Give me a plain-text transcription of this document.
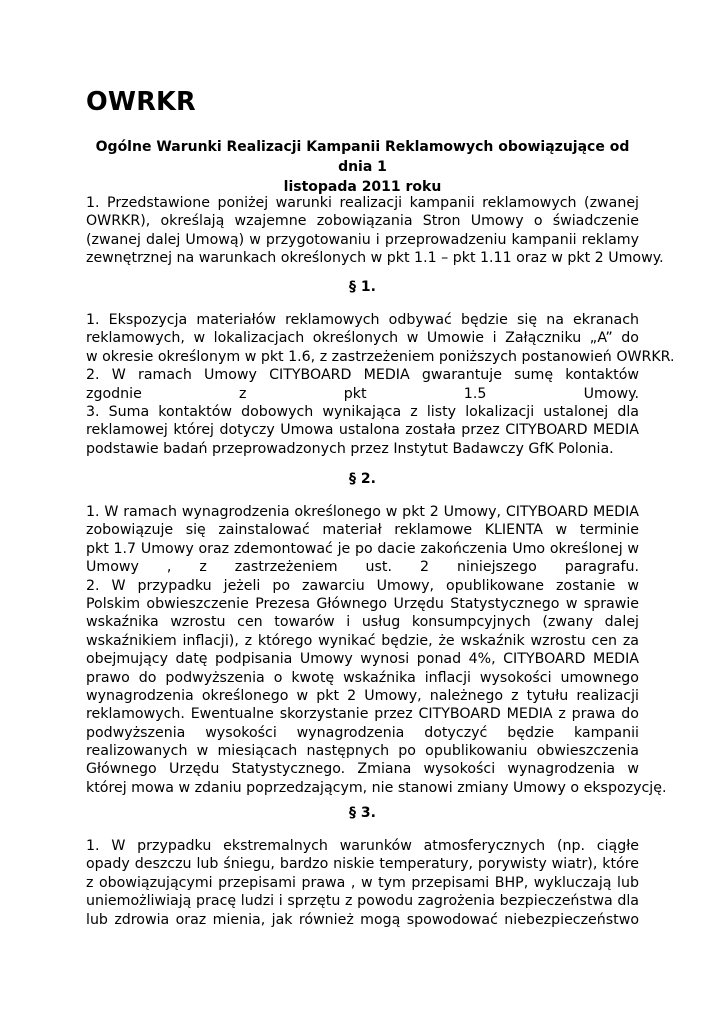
OWRKR

Ogólne Warunki Realizacji Kampanii Reklamowych obowiązujące od dnia 1
listopada 2011 roku

1. Przedstawione poniżej warunki realizacji kampanii reklamowych (zwanej
OWRKR), określają wzajemne zobowiązania Stron Umowy o świadczenie
(zwanej dalej Umową) w przygotowaniu i przeprowadzeniu kampanii reklamy
zewnętrznej na warunkach określonych w pkt 1.1 – pkt 1.11 oraz w pkt 2 Umowy.

§ 1.

1. Ekspozycja materiałów reklamowych odbywać będzie się na ekranach
reklamowych, w lokalizacjach określonych w Umowie i Załączniku „A” do
w okresie określonym w pkt 1.6, z zastrzeżeniem poniższych postanowień OWRKR.
2. W ramach Umowy CITYBOARD MEDIA gwarantuje sumę kontaktów
zgodnie z pkt 1.5 Umowy.
3. Suma kontaktów dobowych wynikająca z listy lokalizacji ustalonej dla
reklamowej której dotyczy Umowa ustalona została przez CITYBOARD MEDIA
podstawie badań przeprowadzonych przez Instytut Badawczy GfK Polonia.

§ 2.

1. W ramach wynagrodzenia określonego w pkt 2 Umowy, CITYBOARD MEDIA
zobowiązuje się zainstalować materiał reklamowe KLIENTA w terminie
pkt 1.7 Umowy oraz zdemontować je po dacie zakończenia Umo określonej w
Umowy , z zastrzeżeniem ust. 2 niniejszego paragrafu.
2. W przypadku jeżeli po zawarciu Umowy, opublikowane zostanie w
Polskim obwieszczenie Prezesa Głównego Urzędu Statystycznego w sprawie
wskaźnika wzrostu cen towarów i usług konsumpcyjnych (zwany dalej
wskaźnikiem inflacji), z którego wynikać będzie, że wskaźnik wzrostu cen za
obejmujący datę podpisania Umowy wynosi ponad 4%, CITYBOARD MEDIA
prawo do podwyższenia o kwotę wskaźnika inflacji wysokości umownego
wynagrodzenia określonego w pkt 2 Umowy, należnego z tytułu realizacji
reklamowych. Ewentualne skorzystanie przez CITYBOARD MEDIA z prawa do
podwyższenia wysokości wynagrodzenia dotyczyć będzie kampanii
realizowanych w miesiącach następnych po opublikowaniu obwieszczenia
Głównego Urzędu Statystycznego. Zmiana wysokości wynagrodzenia w
której mowa w zdaniu poprzedzającym, nie stanowi zmiany Umowy o ekspozycję.

§ 3.

1. W przypadku ekstremalnych warunków atmosferycznych (np. ciągłe
opady deszczu lub śniegu, bardzo niskie temperatury, porywisty wiatr), które
z obowiązującymi przepisami prawa , w tym przepisami BHP, wykluczają lub
uniemożliwiają pracę ludzi i sprzętu z powodu zagrożenia bezpieczeństwa dla
lub zdrowia oraz mienia, jak również mogą spowodować niebezpieczeństwo
